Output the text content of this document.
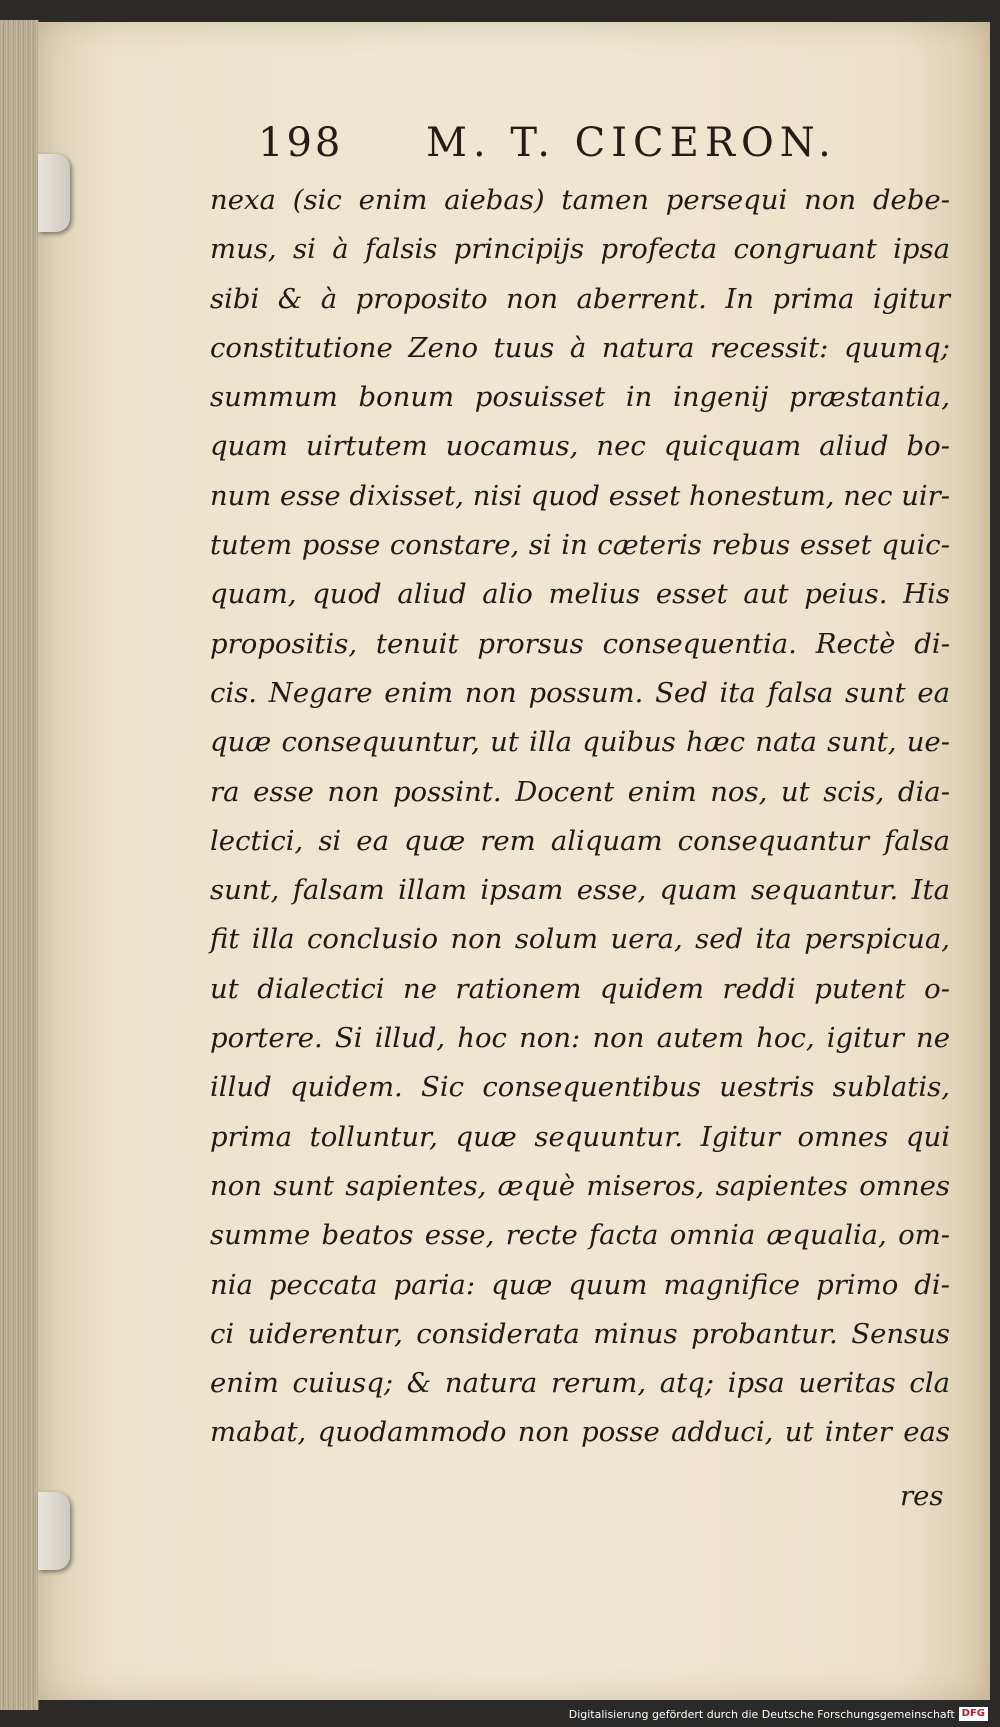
198 M. T. CICERON.
nexa (sic enim aiebas) tamen persequi non debe-
mus, si à falsis principijs profecta congruant ipsa
sibi & à proposito non aberrent. In prima igitur
constitutione Zeno tuus à natura recessit: quumq;
summum bonum posuisset in ingenij præstantia,
quam uirtutem uocamus, nec quicquam aliud bo-
num esse dixisset, nisi quod esset honestum, nec uir-
tutem posse constare, si in cæteris rebus esset quic-
quam, quod aliud alio melius esset aut peius. His
propositis, tenuit prorsus consequentia. Rectè di-
cis. Negare enim non possum. Sed ita falsa sunt ea
quæ consequuntur, ut illa quibus hæc nata sunt, ue-
ra esse non possint. Docent enim nos, ut scis, dia-
lectici, si ea quæ rem aliquam consequantur falsa
sunt, falsam illam ipsam esse, quam sequantur. Ita
fit illa conclusio non solum uera, sed ita perspicua,
ut dialectici ne rationem quidem reddi putent o-
portere. Si illud, hoc non: non autem hoc, igitur ne
illud quidem. Sic consequentibus uestris sublatis,
prima tolluntur, quæ sequuntur. Igitur omnes qui
non sunt sapientes, æquè miseros, sapientes omnes
summe beatos esse, recte facta omnia æqualia, om-
nia peccata paria: quæ quum magnifice primo di-
ci uiderentur, considerata minus probantur. Sensus
enim cuiusq; & natura rerum, atq; ipsa ueritas cla
mabat, quodammodo non posse adduci, ut inter eas
res
Digitalisierung gefördert durch die Deutsche Forschungsgemeinschaft DFG
